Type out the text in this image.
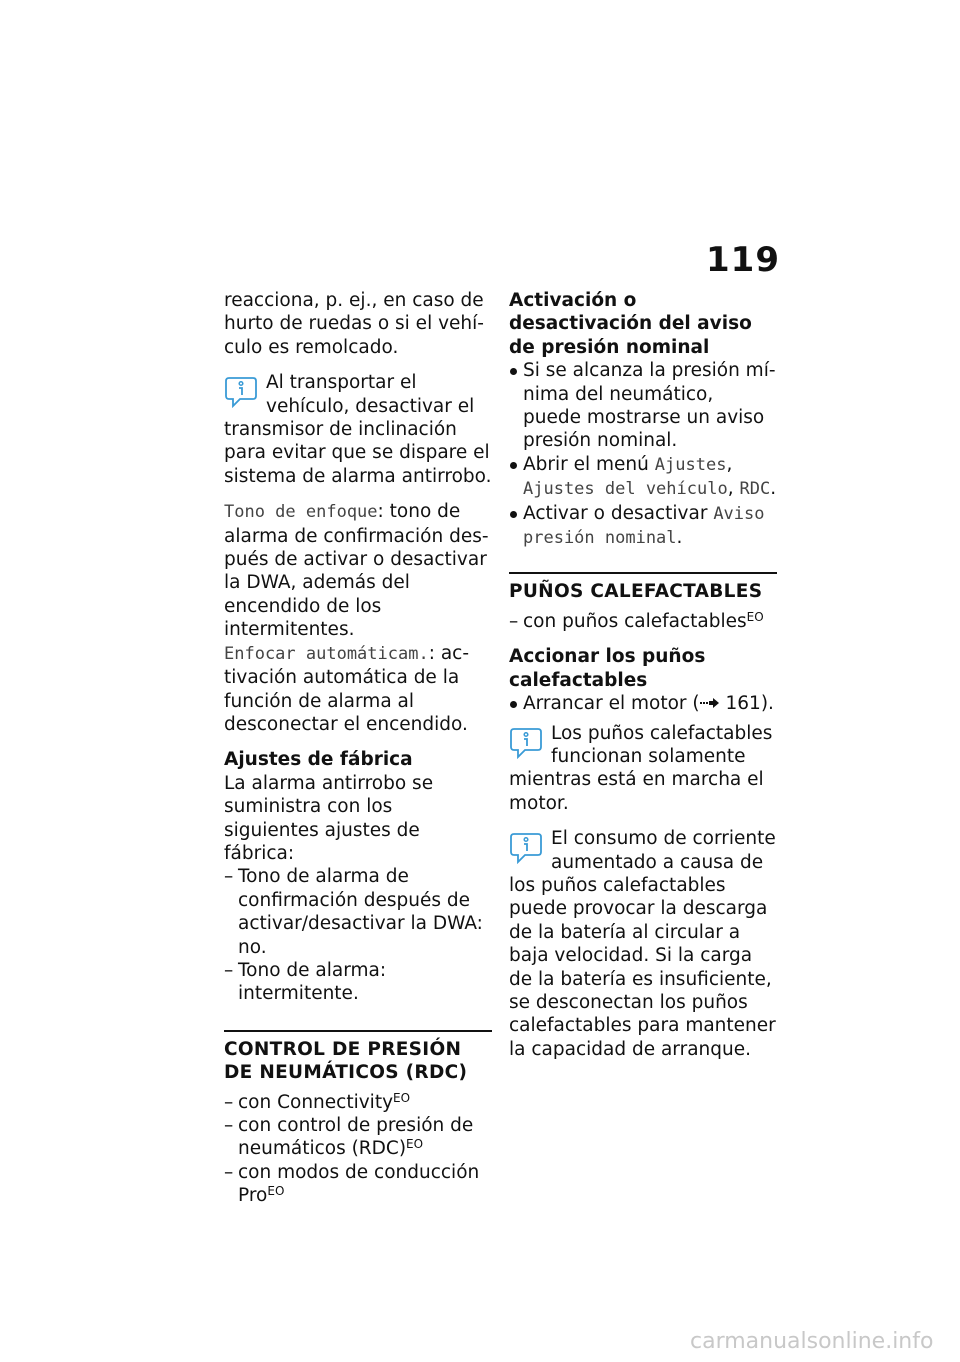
119

reacciona, p. ej., en caso de hurto de ruedas o si el vehículo es remolcado.

Al transportar el vehículo, desactivar el transmisor de inclinación para evitar que se dispare el sistema de alarma antirrobo.

Tono de enfoque: tono de alarma de confirmación después de activar o desactivar la DWA, además del encendido de los intermitentes.

Enfocar automáticam.: activación automática de la función de alarma al desconectar el encendido.

Ajustes de fábrica

La alarma antirrobo se suministra con los siguientes ajustes de fábrica:

– Tono de alarma de confirmación después de activar/desactivar la DWA: no.
– Tono de alarma: intermitente.

CONTROL DE PRESIÓN DE NEUMÁTICOS (RDC)

– con Connectivity$^{EO}$
– con control de presión de neumáticos (RDC)$^{EO}$
– con modos de conducción Pro$^{EO}$

Activación o desactivación del aviso de presión nominal

Si se alcanza la presión mínima del neumático, puede mostrarse un aviso presión nominal.
Abrir el menú Ajustes, Ajustes del vehículo, RDC.
Activar o desactivar Aviso presión nominal.

PUÑOS CALEFACTABLES

– con puños calefactables$^{EO}$

Accionar los puños calefactables

Arrancar el motor ( 161).
Los puños calefactables funcionan solamente mientras está en marcha el motor.
El consumo de corriente aumentado a causa de los puños calefactables puede provocar la descarga de la batería al circular a baja velocidad. Si la carga de la batería es insuficiente, se desconectan los puños calefactables para mantener la capacidad de arranque.
carmanualsonline.info
